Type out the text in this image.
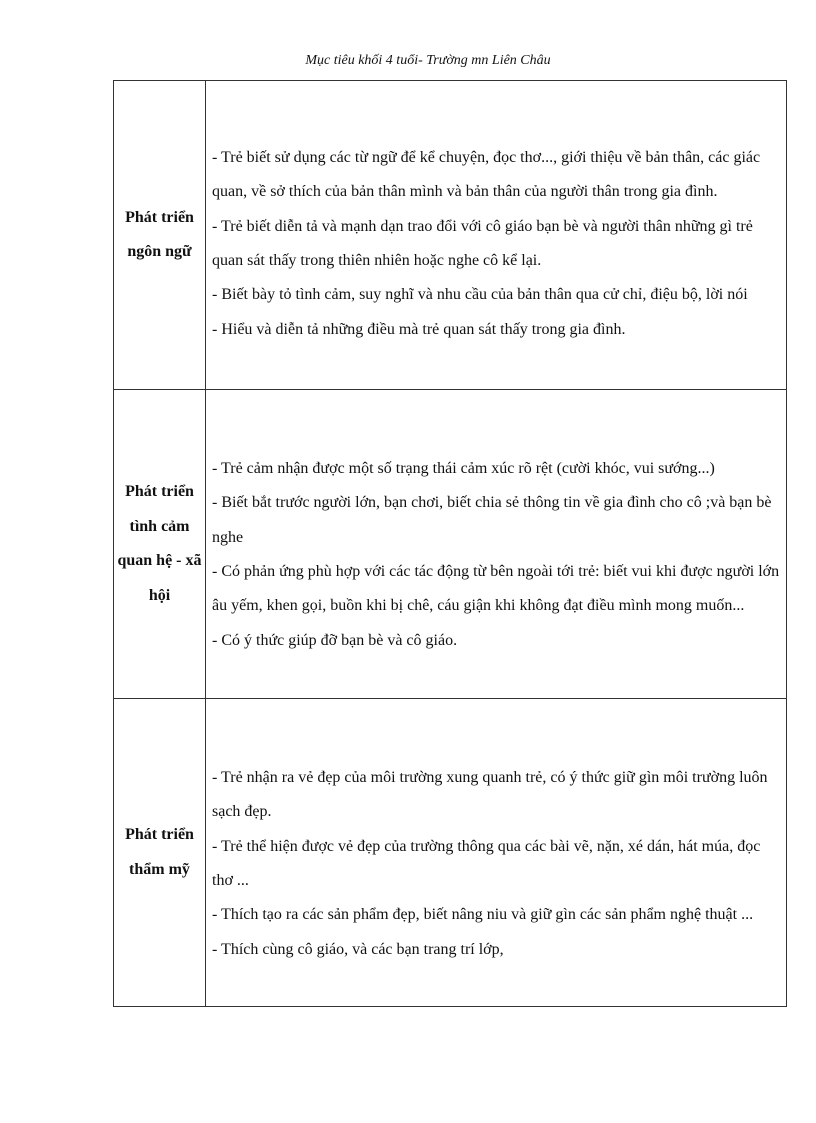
Mục tiêu khối 4 tuổi- Trường mn Liên Châu
Phát triển ngôn ngữ	- Trẻ biết sử dụng các từ ngữ để kể chuyện, đọc thơ..., giới thiệu về bản thân, các giác quan, về sở thích của bản thân mình và bản thân của người thân trong gia đình.

- Trẻ biết diễn tả và mạnh dạn trao đổi với cô giáo bạn bè và người thân những gì trẻ quan sát thấy trong thiên nhiên hoặc nghe cô kể lại.

- Biết bày tỏ tình cảm, suy nghĩ và nhu cầu của bản thân qua cử chỉ, điệu bộ, lời nói

- Hiểu và diễn tả những điều mà trẻ quan sát thấy trong gia đình.

Phát triển tình cảm quan hệ - xã hội	- Trẻ cảm nhận được một số trạng thái cảm xúc rõ rệt (cười khóc, vui sướng...)

- Biết bắt trước người lớn, bạn chơi, biết chia sẻ thông tin về gia đình cho cô ;và bạn bè nghe

- Có phản ứng phù hợp với các tác động từ bên ngoài tới trẻ: biết vui khi được người lớn âu yếm, khen gọi, buồn khi bị chê, cáu giận khi không đạt điều mình mong muốn...

- Có ý thức giúp đỡ bạn bè và cô giáo.

Phát triển thẩm mỹ	- Trẻ nhận ra vẻ đẹp của môi trường xung quanh trẻ, có ý thức giữ gìn môi trường luôn sạch đẹp.

- Trẻ thể hiện được vẻ đẹp của trường thông qua các bài vẽ, nặn, xé dán, hát múa, đọc thơ ...

- Thích tạo ra các sản phẩm đẹp, biết nâng niu và giữ gìn các sản phẩm nghệ thuật ...

- Thích cùng cô giáo, và các bạn trang trí lớp,
